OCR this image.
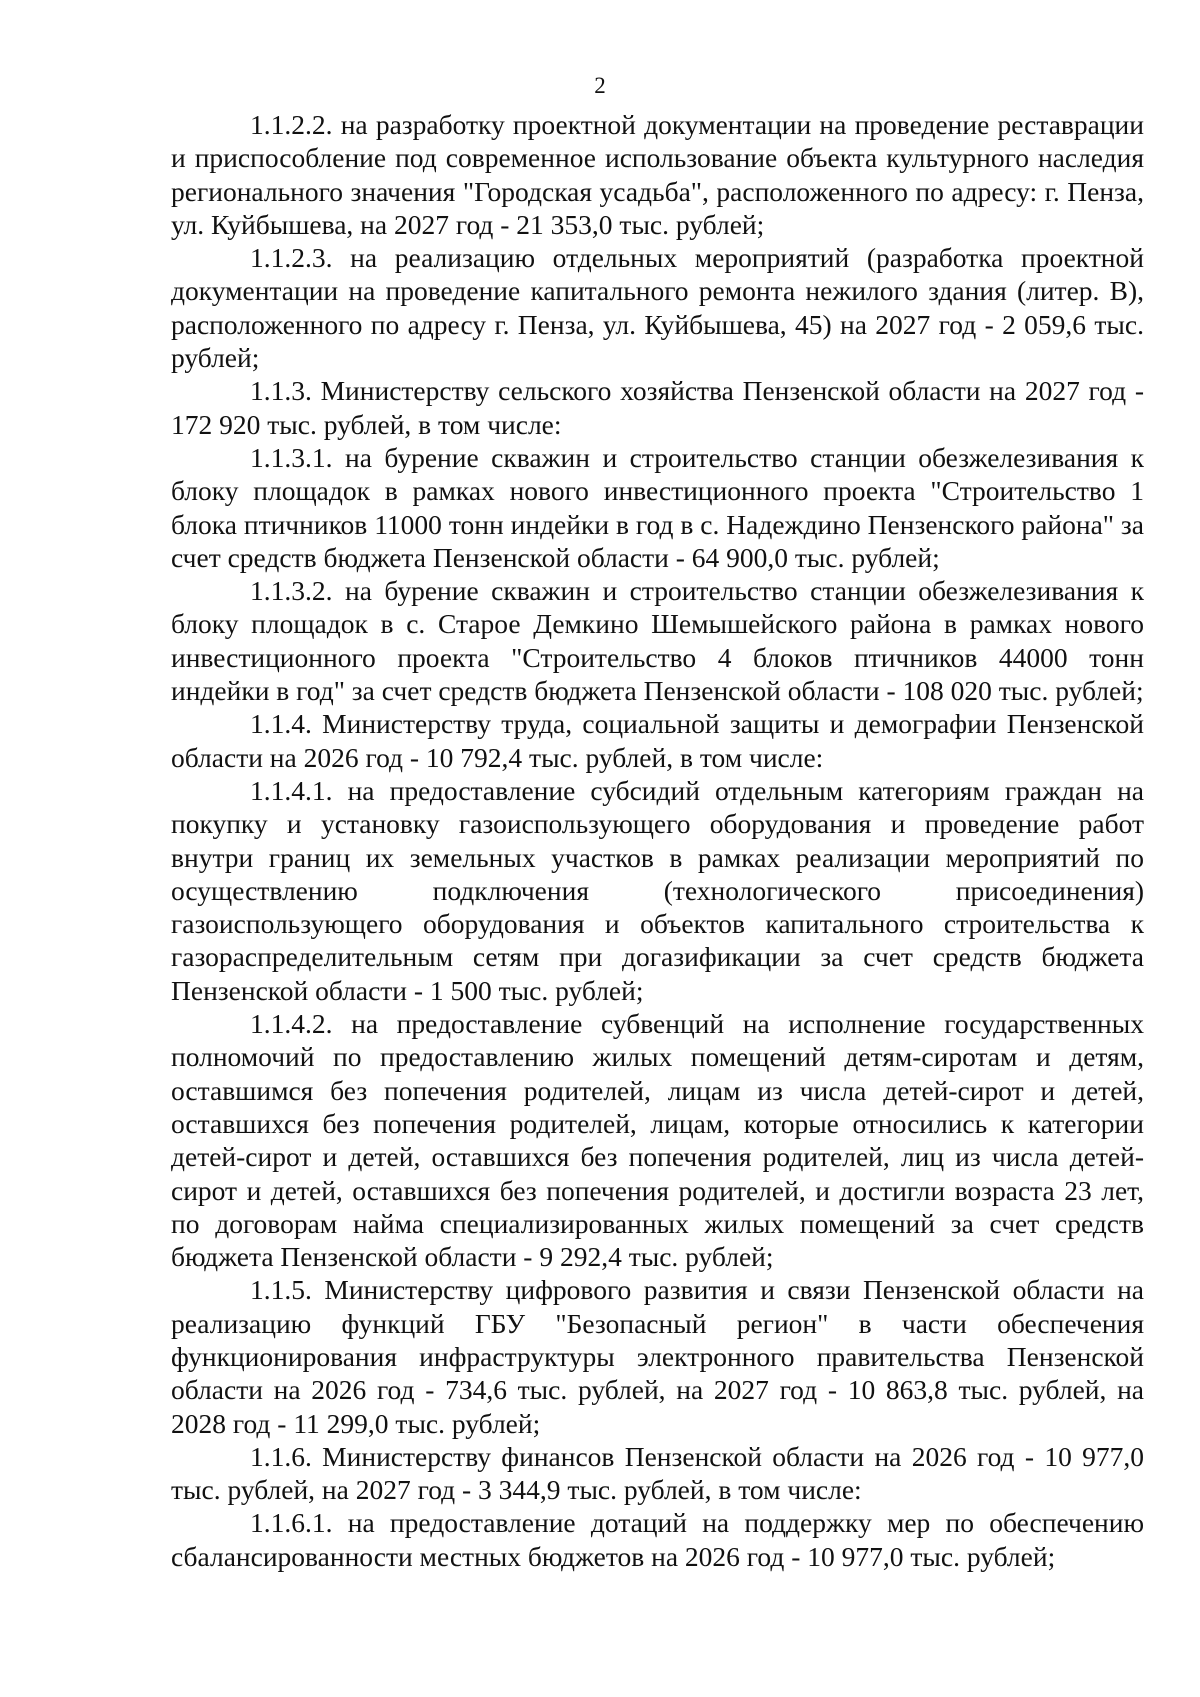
2

1.1.2.2. на разработку проектной документации на проведение реставрации и приспособление под современное использование объекта культурного наследия регионального значения "Городская усадьба", расположенного по адресу: г. Пенза, ул. Куйбышева, на 2027 год - 21 353,0 тыс. рублей;

1.1.2.3. на реализацию отдельных мероприятий (разработка проектной документации на проведение капитального ремонта нежилого здания (литер. В), расположенного по адресу г. Пенза, ул. Куйбышева, 45) на 2027 год - 2 059,6 тыс. рублей;

1.1.3. Министерству сельского хозяйства Пензенской области на 2027 год - 172 920 тыс. рублей, в том числе:

1.1.3.1. на бурение скважин и строительство станции обезжелезивания к блоку площадок в рамках нового инвестиционного проекта "Строительство 1 блока птичников 11000 тонн индейки в год в с. Надеждино Пензенского района" за счет средств бюджета Пензенской области - 64 900,0 тыс. рублей;

1.1.3.2. на бурение скважин и строительство станции обезжелезивания к блоку площадок в с. Старое Демкино Шемышейского района в рамках нового инвестиционного проекта "Строительство 4 блоков птичников 44000 тонн индейки в год" за счет средств бюджета Пензенской области - 108 020 тыс. рублей;

1.1.4. Министерству труда, социальной защиты и демографии Пензенской области на 2026 год - 10 792,4 тыс. рублей, в том числе:

1.1.4.1. на предоставление субсидий отдельным категориям граждан на покупку и установку газоиспользующего оборудования и проведение работ внутри границ их земельных участков в рамках реализации мероприятий по осуществлению подключения (технологического присоединения) газоиспользующего оборудования и объектов капитального строительства к газораспределительным сетям при догазификации за счет средств бюджета Пензенской области - 1 500 тыс. рублей;

1.1.4.2. на предоставление субвенций на исполнение государственных полномочий по предоставлению жилых помещений детям-сиротам и детям, оставшимся без попечения родителей, лицам из числа детей-сирот и детей, оставшихся без попечения родителей, лицам, которые относились к категории детей-сирот и детей, оставшихся без попечения родителей, лиц из числа детей-сирот и детей, оставшихся без попечения родителей, и достигли возраста 23 лет, по договорам найма специализированных жилых помещений за счет средств бюджета Пензенской области - 9 292,4 тыс. рублей;

1.1.5. Министерству цифрового развития и связи Пензенской области на реализацию функций ГБУ "Безопасный регион" в части обеспечения функционирования инфраструктуры электронного правительства Пензенской области на 2026 год - 734,6 тыс. рублей, на 2027 год - 10 863,8 тыс. рублей, на 2028 год - 11 299,0 тыс. рублей;

1.1.6. Министерству финансов Пензенской области на 2026 год - 10 977,0 тыс. рублей, на 2027 год - 3 344,9 тыс. рублей, в том числе:

1.1.6.1. на предоставление дотаций на поддержку мер по обеспечению сбалансированности местных бюджетов на 2026 год - 10 977,0 тыс. рублей;
